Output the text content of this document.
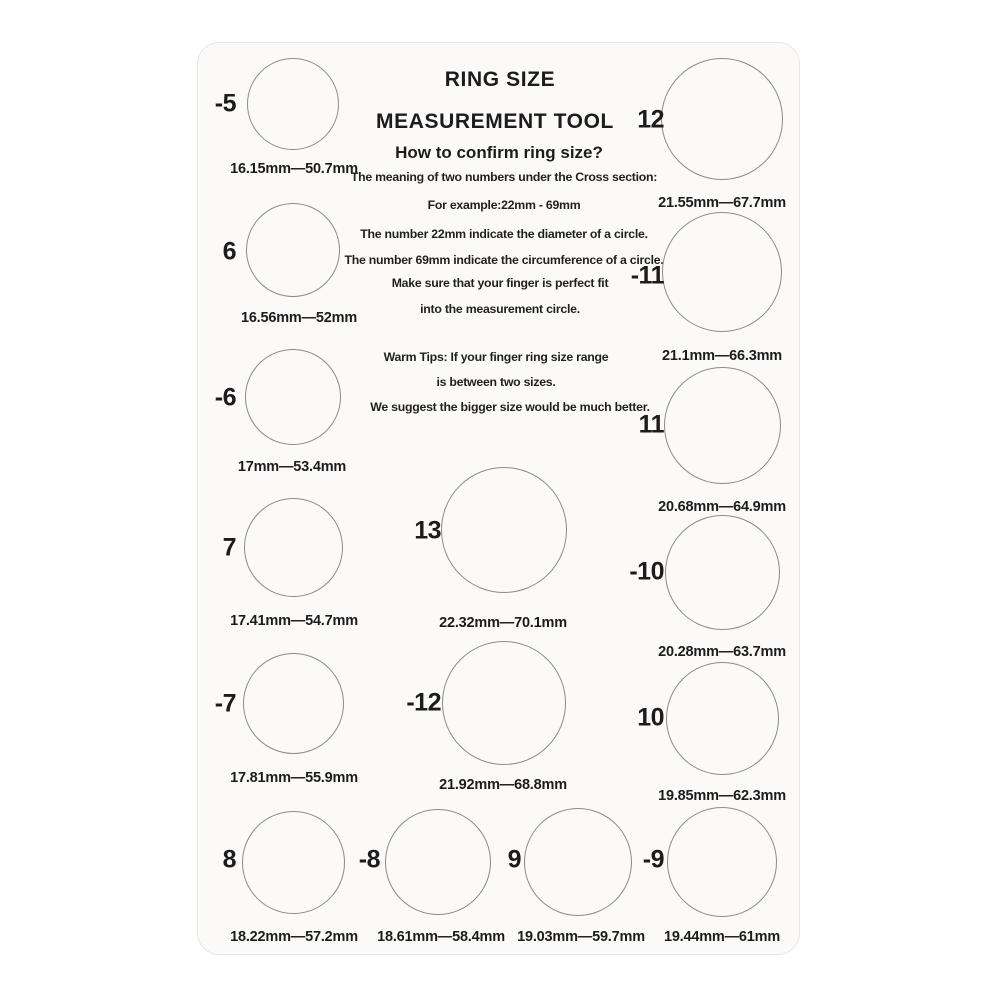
RING SIZE
MEASUREMENT TOOL
How to confirm ring size?
The meaning of two numbers under the Cross section:
For example:22mm - 69mm
The number 22mm indicate the diameter of a circle.
The number 69mm indicate the circumference of a circle.
Make sure that your finger is perfect fit
into the measurement circle.
Warm Tips: If your finger ring size range
is between two sizes.
We suggest the bigger size would be much better.
-5
16.15mm—50.7mm
6
16.56mm—52mm
-6
17mm—53.4mm
7
17.41mm—54.7mm
-7
17.81mm—55.9mm
8
18.22mm—57.2mm
-8
18.61mm—58.4mm
9
19.03mm—59.7mm
-9
19.44mm—61mm
10
19.85mm—62.3mm
-10
20.28mm—63.7mm
11
20.68mm—64.9mm
-11
21.1mm—66.3mm
12
21.55mm—67.7mm
13
22.32mm—70.1mm
-12
21.92mm—68.8mm
